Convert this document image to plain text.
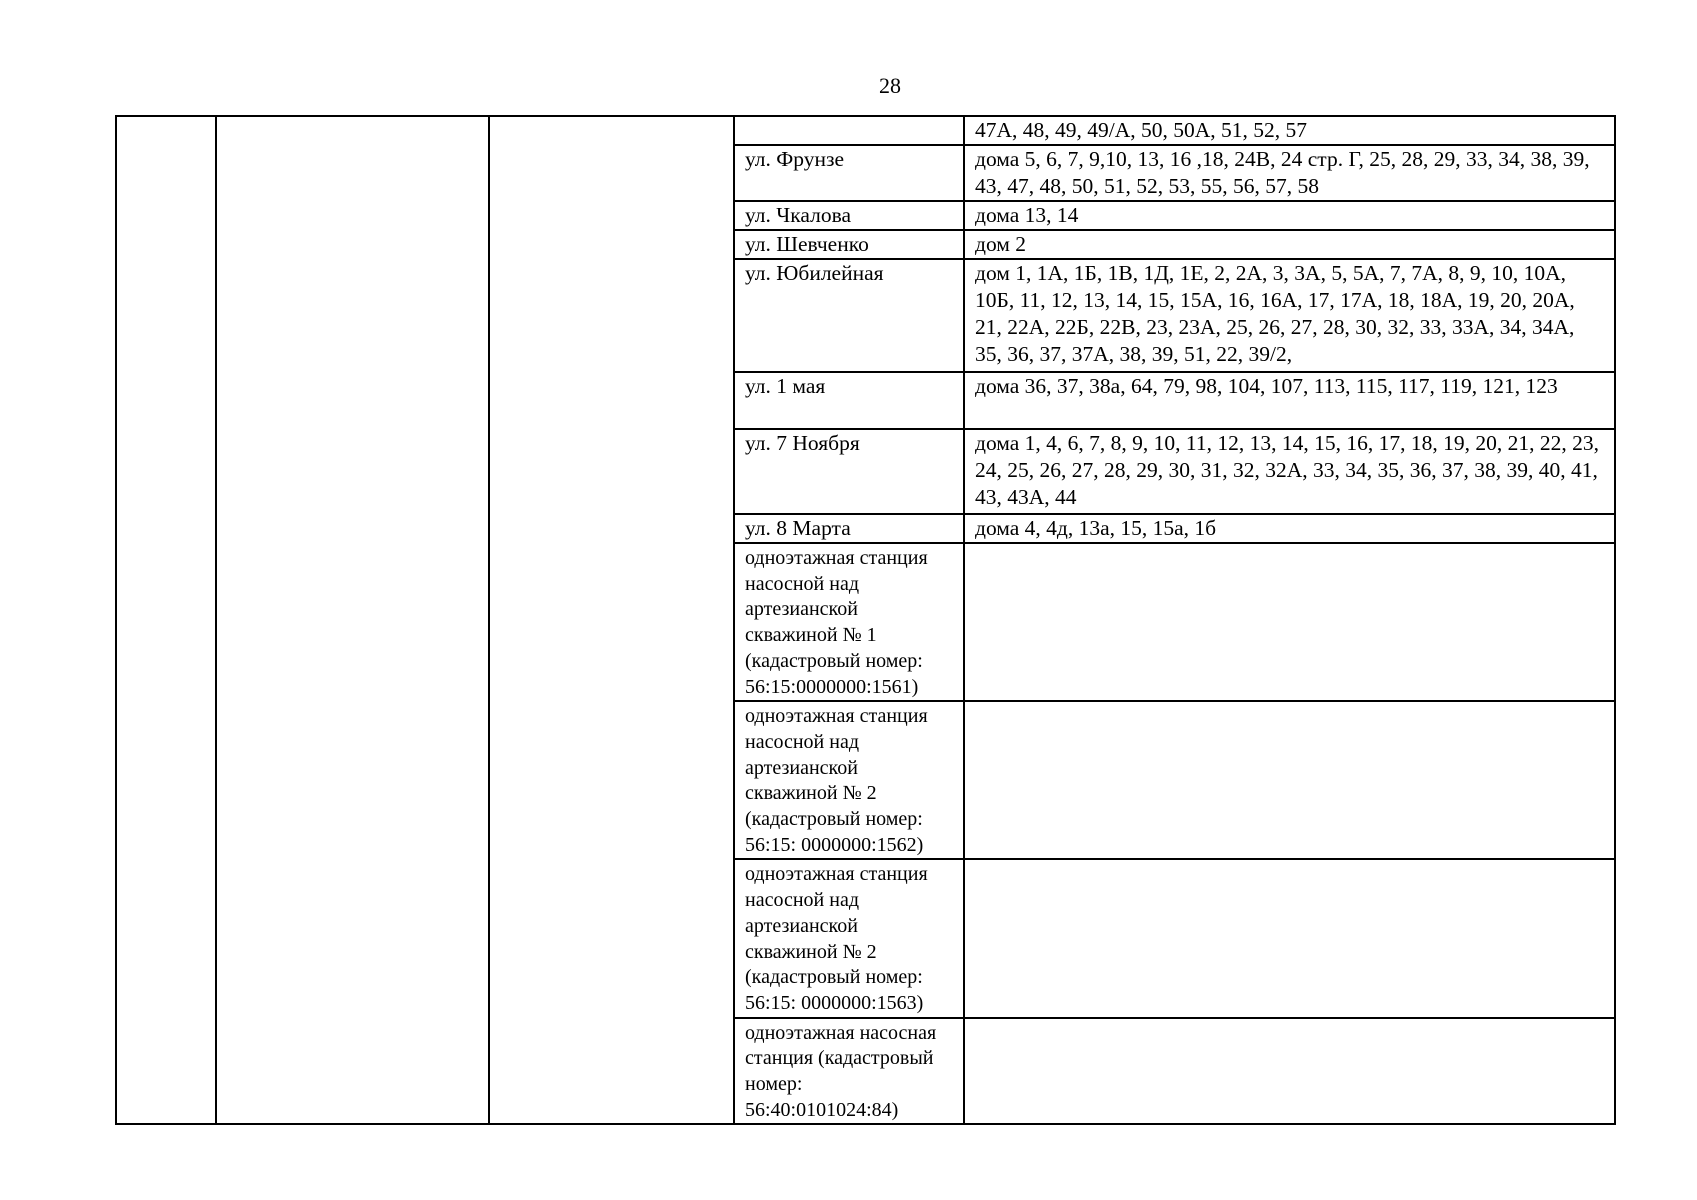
28
				47А, 48, 49, 49/А, 50, 50А, 51, 52, 57
			ул. Фрунзе	дома 5, 6, 7, 9,10, 13, 16 ,18, 24В, 24 стр. Г, 25, 28, 29, 33, 34, 38, 39, 43, 47, 48, 50, 51, 52, 53, 55, 56, 57, 58
			ул. Чкалова	дома 13, 14
			ул. Шевченко	дом 2
			ул. Юбилейная	дом 1, 1А, 1Б, 1В, 1Д, 1Е, 2, 2А, 3, 3А, 5, 5А, 7, 7А, 8, 9, 10, 10А, 10Б, 11, 12, 13, 14, 15, 15А, 16, 16А, 17, 17А, 18, 18А, 19, 20, 20А, 21, 22А, 22Б, 22В, 23, 23А, 25, 26, 27, 28, 30, 32, 33, 33А, 34, 34А, 35, 36, 37, 37А, 38, 39, 51, 22, 39/2,
			ул. 1 мая	дома 36, 37, 38а, 64, 79, 98, 104, 107, 113, 115, 117, 119, 121, 123
			ул. 7 Ноября	дома 1, 4, 6, 7, 8, 9, 10, 11, 12, 13, 14, 15, 16, 17, 18, 19, 20, 21, 22, 23, 24, 25, 26, 27, 28, 29, 30, 31, 32, 32А, 33, 34, 35, 36, 37, 38, 39, 40, 41, 43, 43А, 44
			ул. 8 Марта	дома 4, 4д, 13а, 15, 15а, 1б
			одноэтажная станция насосной над артезианской скважиной № 1 (кадастровый номер: 56:15:0000000:1561)	
			одноэтажная станция насосной над артезианской скважиной № 2 (кадастровый номер: 56:15: 0000000:1562)	
			одноэтажная станция насосной над артезианской скважиной № 2 (кадастровый номер: 56:15: 0000000:1563)	
			одноэтажная насосная станция (кадастровый номер: 56:40:0101024:84)	
